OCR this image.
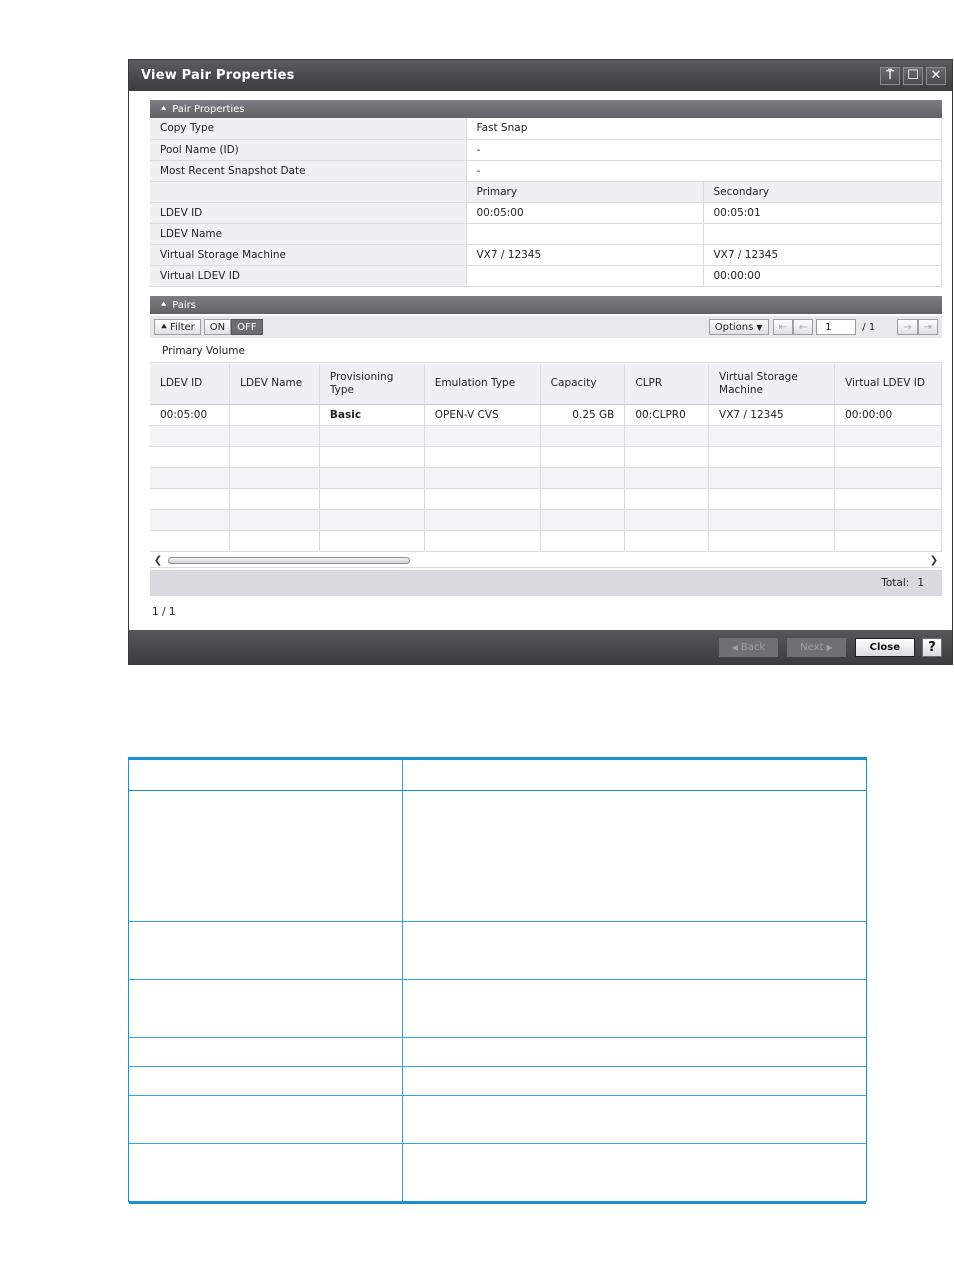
View Pair Properties	⍑	☐ ✕
⯅ Pair Properties
Copy Type	Fast Snap	
Pool Name (ID)	-	
Most Recent Snapshot Date	-	
	Primary	Secondary
LDEV ID	00:05:00	00:05:01
LDEV Name		
Virtual Storage Machine	VX7 / 12345	VX7 / 12345
Virtual LDEV ID		00:00:00
⯅ Pairs
⯅ Filter	ON	OFF	Options ▼	⇤	←	1	/ 1	→	⇥
Primary Volume
LDEV ID	LDEV Name	Provisioning Type	Emulation Type	Capacity	CLPR	Virtual Storage Machine	Virtual LDEV ID
00:05:00		Basic	OPEN-V CVS	0.25 GB	00:CLPR0	VX7 / 12345	00:00:00

❮	❯
Total: 1
1 / 1
◀ Back	Next ▶	Close	?
